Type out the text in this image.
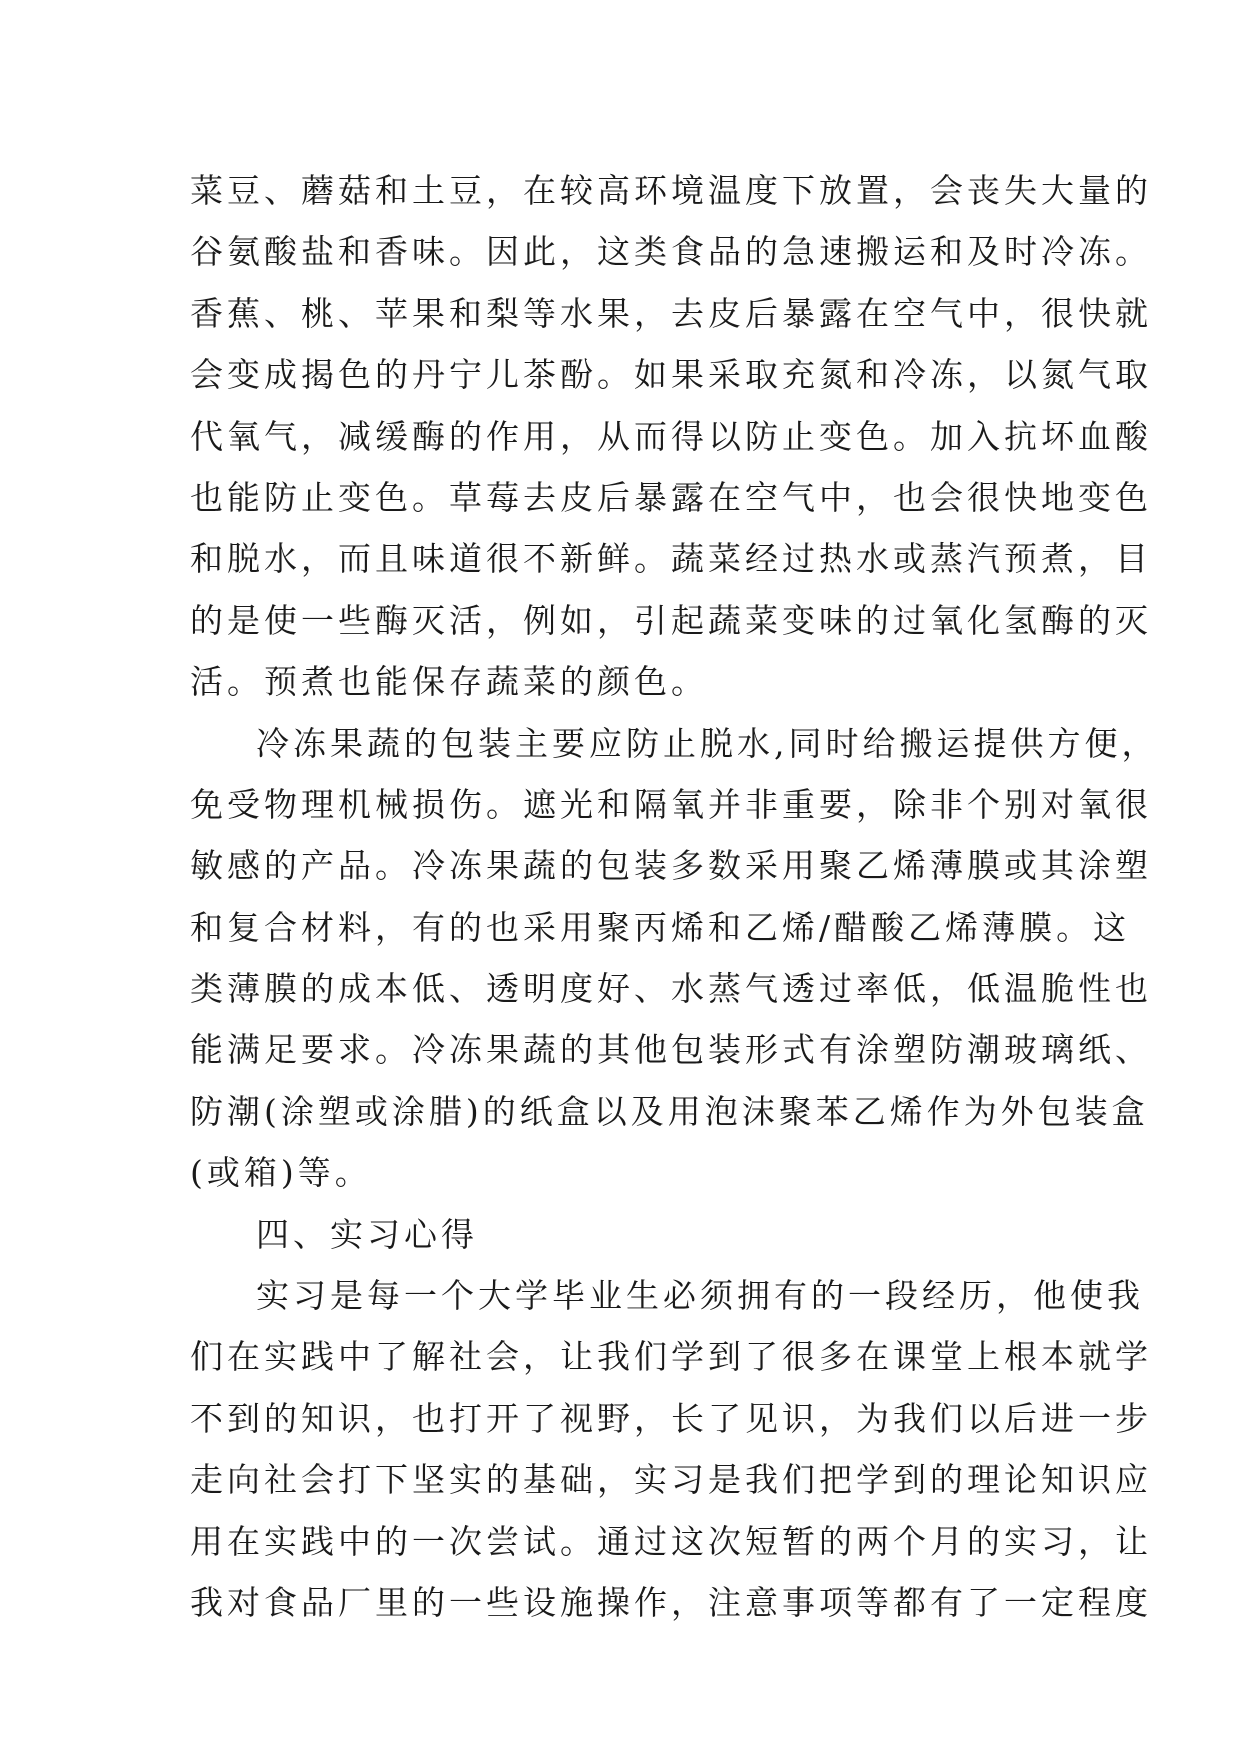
菜豆、蘑菇和土豆，在较高环境温度下放置，会丧失大量的
谷氨酸盐和香味。因此，这类食品的急速搬运和及时冷冻。
香蕉、桃、苹果和梨等水果，去皮后暴露在空气中，很快就
会变成揭色的丹宁儿茶酚。如果采取充氮和冷冻，以氮气取
代氧气，减缓酶的作用，从而得以防止变色。加入抗坏血酸
也能防止变色。草莓去皮后暴露在空气中，也会很快地变色
和脱水，而且味道很不新鲜。蔬菜经过热水或蒸汽预煮，目
的是使一些酶灭活，例如，引起蔬菜变味的过氧化氢酶的灭
活。预煮也能保存蔬菜的颜色。
冷冻果蔬的包装主要应防止脱水,同时给搬运提供方便，
免受物理机械损伤。遮光和隔氧并非重要，除非个别对氧很
敏感的产品。冷冻果蔬的包装多数采用聚乙烯薄膜或其涂塑
和复合材料，有的也采用聚丙烯和乙烯/醋酸乙烯薄膜。这
类薄膜的成本低、透明度好、水蒸气透过率低，低温脆性也
能满足要求。冷冻果蔬的其他包装形式有涂塑防潮玻璃纸、
防潮(涂塑或涂腊)的纸盒以及用泡沫聚苯乙烯作为外包装盒
(或箱)等。
四、实习心得
实习是每一个大学毕业生必须拥有的一段经历，他使我
们在实践中了解社会，让我们学到了很多在课堂上根本就学
不到的知识，也打开了视野，长了见识，为我们以后进一步
走向社会打下坚实的基础，实习是我们把学到的理论知识应
用在实践中的一次尝试。通过这次短暂的两个月的实习，让
我对食品厂里的一些设施操作，注意事项等都有了一定程度
